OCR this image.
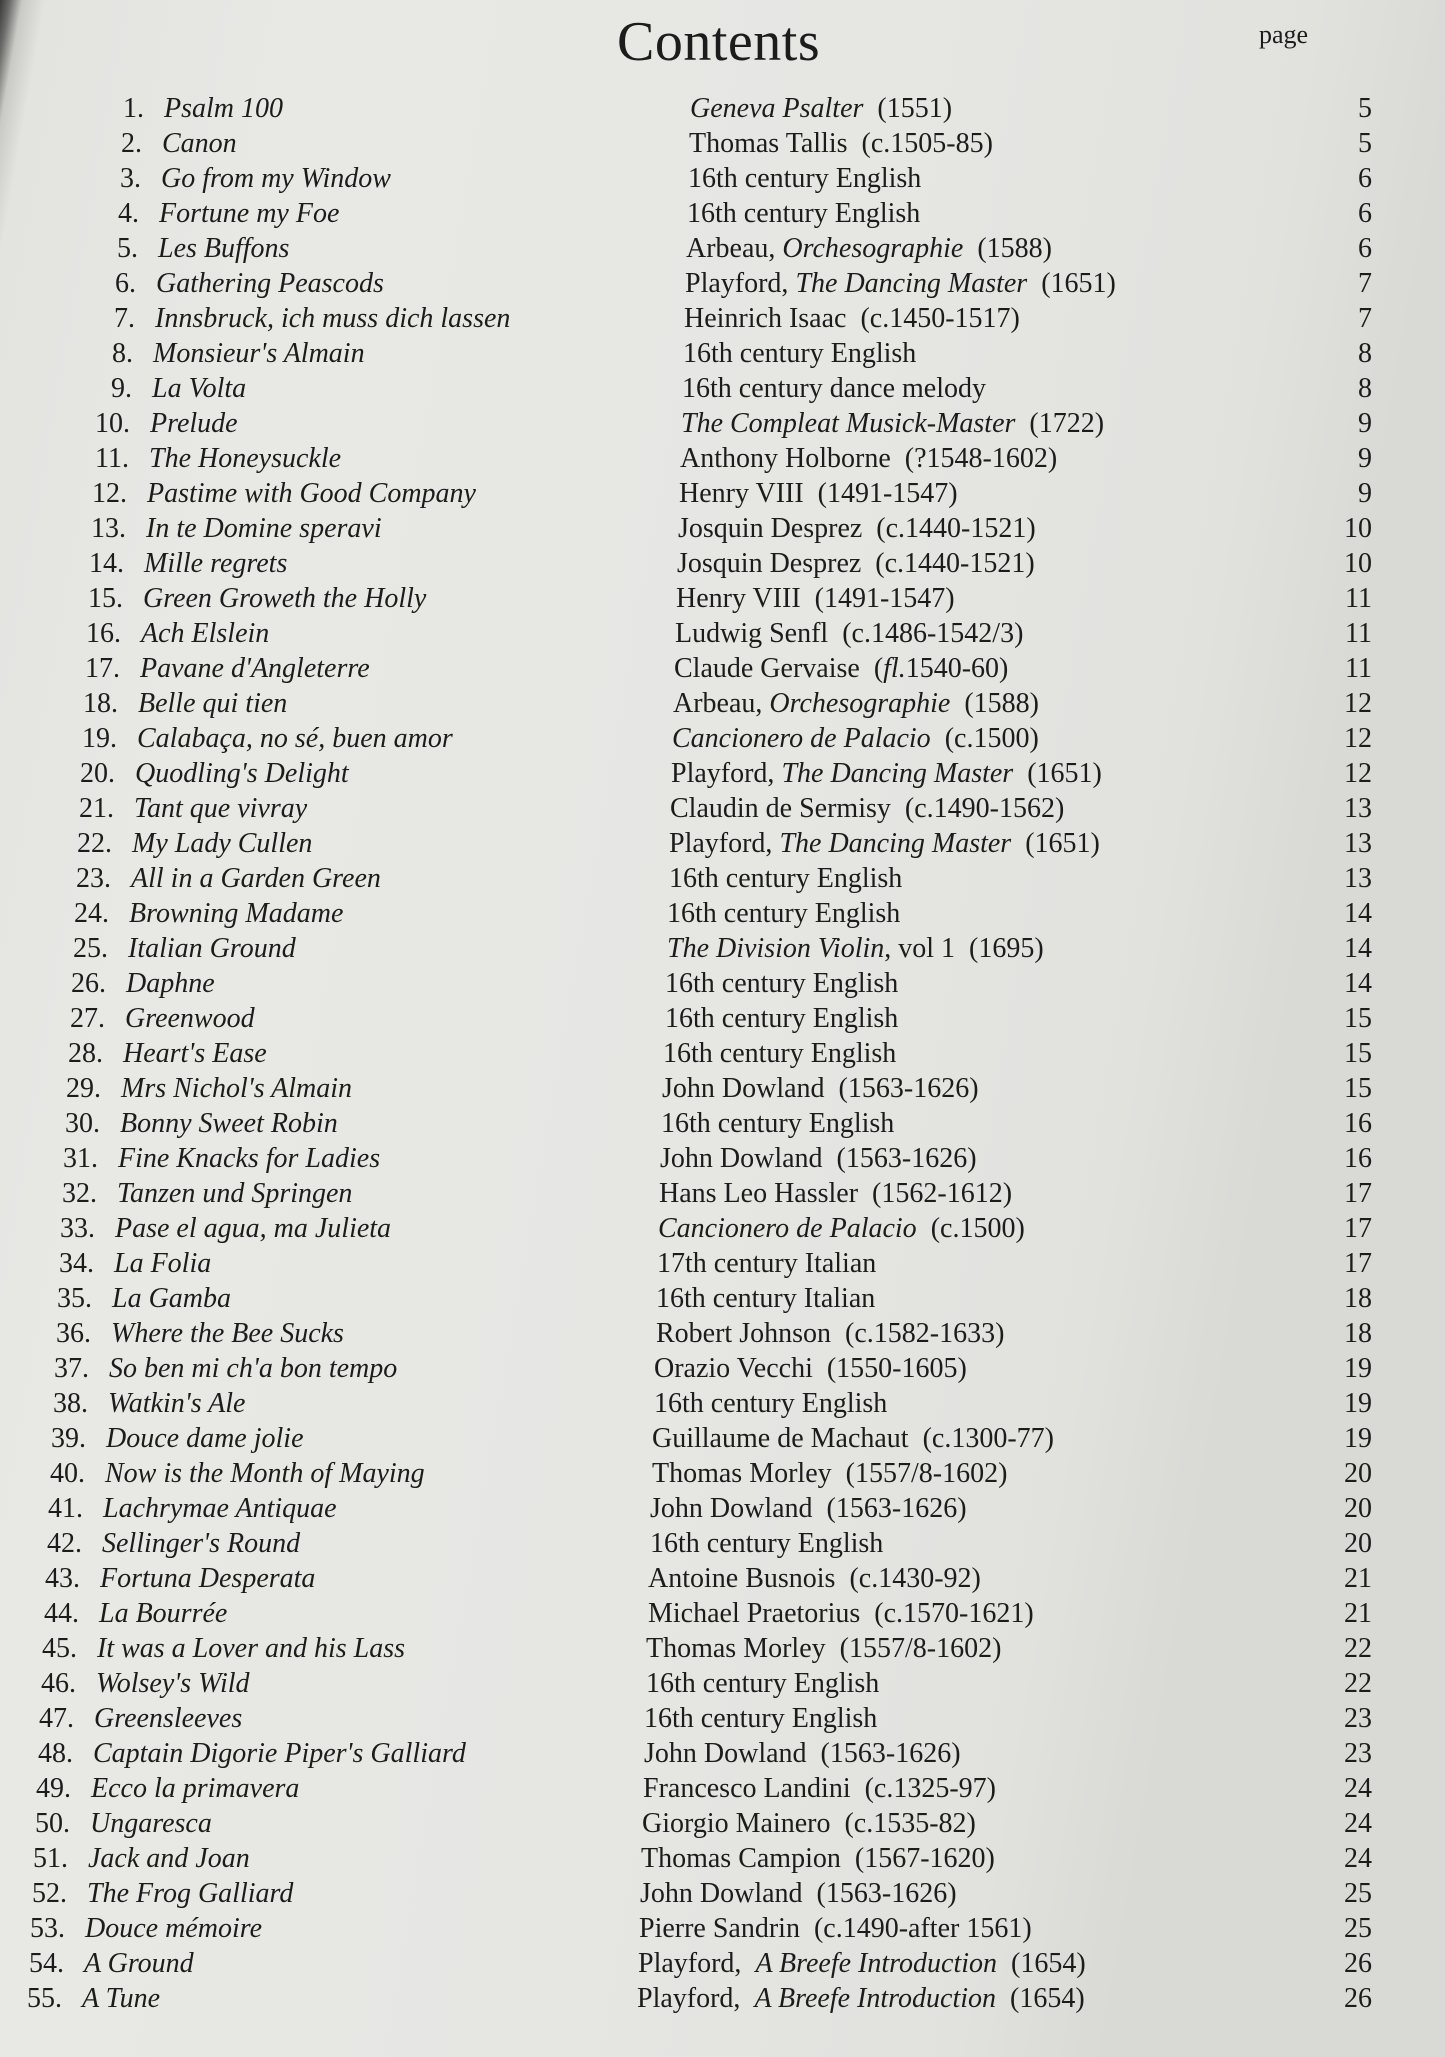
Contents	page
1. Psalm 100	Geneva Psalter  (1551)	5
2. Canon	Thomas Tallis  (c.1505-85)	5
3. Go from my Window	16th century English	6
4. Fortune my Foe	16th century English	6
5. Les Buffons	Arbeau, Orchesographie  (1588)	6
6. Gathering Peascods	Playford, The Dancing Master  (1651)	7
7. Innsbruck, ich muss dich lassen	Heinrich Isaac  (c.1450-1517)	7
8. Monsieur's Almain	16th century English	8
9. La Volta	16th century dance melody	8
10. Prelude	The Compleat Musick-Master  (1722)	9
11. The Honeysuckle	Anthony Holborne  (?1548-1602)	9
12. Pastime with Good Company	Henry VIII  (1491-1547)	9
13. In te Domine speravi	Josquin Desprez  (c.1440-1521)	10
14. Mille regrets	Josquin Desprez  (c.1440-1521)	10
15. Green Groweth the Holly	Henry VIII  (1491-1547)	11
16. Ach Elslein	Ludwig Senfl  (c.1486-1542/3)	11
17. Pavane d'Angleterre	Claude Gervaise  (fl.1540-60)	11
18. Belle qui tien	Arbeau, Orchesographie  (1588)	12
19. Calabaça, no sé, buen amor	Cancionero de Palacio  (c.1500)	12
20. Quodling's Delight	Playford, The Dancing Master  (1651)	12
21. Tant que vivray	Claudin de Sermisy  (c.1490-1562)	13
22. My Lady Cullen	Playford, The Dancing Master  (1651)	13
23. All in a Garden Green	16th century English	13
24. Browning Madame	16th century English	14
25. Italian Ground	The Division Violin, vol 1  (1695)	14
26. Daphne	16th century English	14
27. Greenwood	16th century English	15
28. Heart's Ease	16th century English	15
29. Mrs Nichol's Almain	John Dowland  (1563-1626)	15
30. Bonny Sweet Robin	16th century English	16
31. Fine Knacks for Ladies	John Dowland  (1563-1626)	16
32. Tanzen und Springen	Hans Leo Hassler  (1562-1612)	17
33. Pase el agua, ma Julieta	Cancionero de Palacio  (c.1500)	17
34. La Folia	17th century Italian	17
35. La Gamba	16th century Italian	18
36. Where the Bee Sucks	Robert Johnson  (c.1582-1633)	18
37. So ben mi ch'a bon tempo	Orazio Vecchi  (1550-1605)	19
38. Watkin's Ale	16th century English	19
39. Douce dame jolie	Guillaume de Machaut  (c.1300-77)	19
40. Now is the Month of Maying	Thomas Morley  (1557/8-1602)	20
41. Lachrymae Antiquae	John Dowland  (1563-1626)	20
42. Sellinger's Round	16th century English	20
43. Fortuna Desperata	Antoine Busnois  (c.1430-92)	21
44. La Bourrée	Michael Praetorius  (c.1570-1621)	21
45. It was a Lover and his Lass	Thomas Morley  (1557/8-1602)	22
46. Wolsey's Wild	16th century English	22
47. Greensleeves	16th century English	23
48. Captain Digorie Piper's Galliard	John Dowland  (1563-1626)	23
49. Ecco la primavera	Francesco Landini  (c.1325-97)	24
50. Ungaresca	Giorgio Mainero  (c.1535-82)	24
51. Jack and Joan	Thomas Campion  (1567-1620)	24
52. The Frog Galliard	John Dowland  (1563-1626)	25
53. Douce mémoire	Pierre Sandrin  (c.1490-after 1561)	25
54. A Ground	Playford,  A Breefe Introduction  (1654)	26
55. A Tune	Playford,  A Breefe Introduction  (1654)	26
